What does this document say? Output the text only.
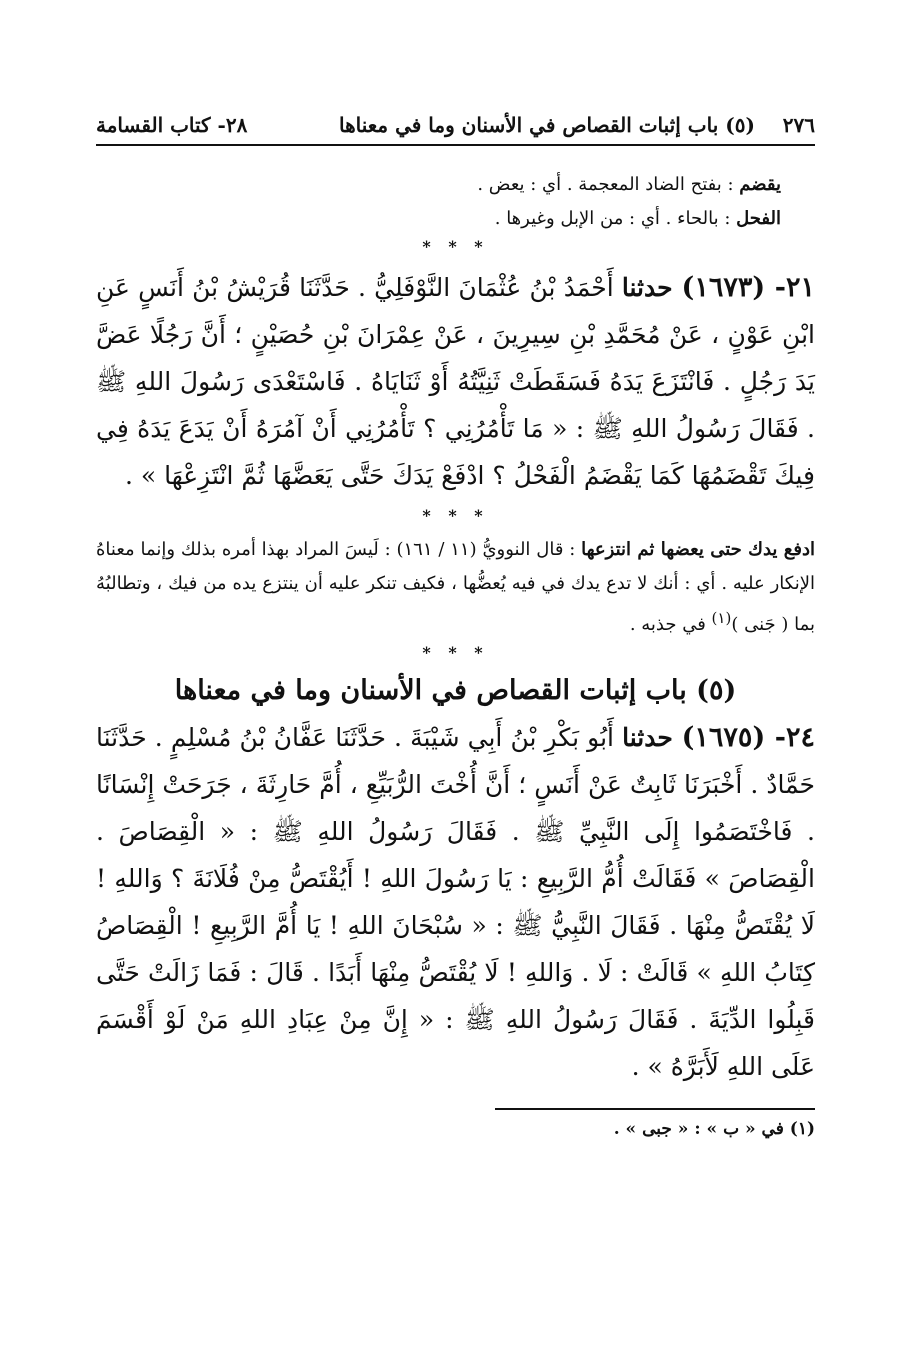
٢٧٦    (٥) باب إثبات القصاص في الأسنان وما في معناها
٢٨- كتاب القسامة

يقضم : بفتح الضاد المعجمة . أي : يعض .

الفحل : بالحاء . أي : من الإبل وغيرها .

* * *

٢١- (١٦٧٣) حدثنا أَحْمَدُ بْنُ عُثْمَانَ النَّوْفَلِيُّ . حَدَّثَنَا قُرَيْشُ بْنُ أَنَسٍ عَنِ ابْنِ عَوْنٍ ، عَنْ مُحَمَّدِ بْنِ سِيرِينَ ، عَنْ عِمْرَانَ بْنِ حُصَيْنٍ ؛ أَنَّ رَجُلًا عَضَّ يَدَ رَجُلٍ . فَانْتَزَعَ يَدَهُ فَسَقَطَتْ ثَنِيَّتُهُ أَوْ ثَنَايَاهُ . فَاسْتَعْدَى رَسُولَ اللهِ ﷺ . فَقَالَ رَسُولُ اللهِ ﷺ : « مَا تَأْمُرُنِي ؟ تَأْمُرُنِي أَنْ آمُرَهُ أَنْ يَدَعَ يَدَهُ فِي فِيكَ تَقْضَمُهَا كَمَا يَقْضَمُ الْفَحْلُ ؟ ادْفَعْ يَدَكَ حَتَّى يَعَضَّهَا ثُمَّ انْتَزِعْهَا » .

* * *

ادفع يدك حتى يعضها ثم انتزعها : قال النوويُّ (١١ / ١٦١) : لَيسَ المراد بهذا أمره بذلك وإنما معناهُ الإنكار عليه . أي : أنك لا تدع يدك في فيه يُعضُّها ، فكيف تنكر عليه أن ينتزع يده من فيك ، وتطالبُهُ بما ( جَنى )$^{(١)}$ في جذبه .

* * *
(٥) باب إثبات القصاص في الأسنان وما في معناها

٢٤- (١٦٧٥) حدثنا أَبُو بَكْرِ بْنُ أَبِي شَيْبَةَ . حَدَّثَنَا عَفَّانُ بْنُ مُسْلِمٍ . حَدَّثَنَا حَمَّادٌ . أَخْبَرَنَا ثَابِتٌ عَنْ أَنَسٍ ؛ أَنَّ أُخْتَ الرُّبَيِّعِ ، أُمَّ حَارِثَةَ ، جَرَحَتْ إِنْسَانًا . فَاخْتَصَمُوا إِلَى النَّبِيِّ ﷺ . فَقَالَ رَسُولُ اللهِ ﷺ : « الْقِصَاصَ . الْقِصَاصَ » فَقَالَتْ أُمُّ الرَّبِيعِ : يَا رَسُولَ اللهِ ! أَيُقْتَصُّ مِنْ فُلَانَةَ ؟ وَاللهِ ! لَا يُقْتَصُّ مِنْهَا . فَقَالَ النَّبِيُّ ﷺ : « سُبْحَانَ اللهِ ! يَا أُمَّ الرَّبِيعِ ! الْقِصَاصُ كِتَابُ اللهِ » قَالَتْ : لَا . وَاللهِ ! لَا يُقْتَصُّ مِنْهَا أَبَدًا . قَالَ : فَمَا زَالَتْ حَتَّى قَبِلُوا الدِّيَةَ . فَقَالَ رَسُولُ اللهِ ﷺ : « إِنَّ مِنْ عِبَادِ اللهِ مَنْ لَوْ أَقْسَمَ عَلَى اللهِ لَأَبَرَّهُ » .

(١) في « ب » : « جبى » .
